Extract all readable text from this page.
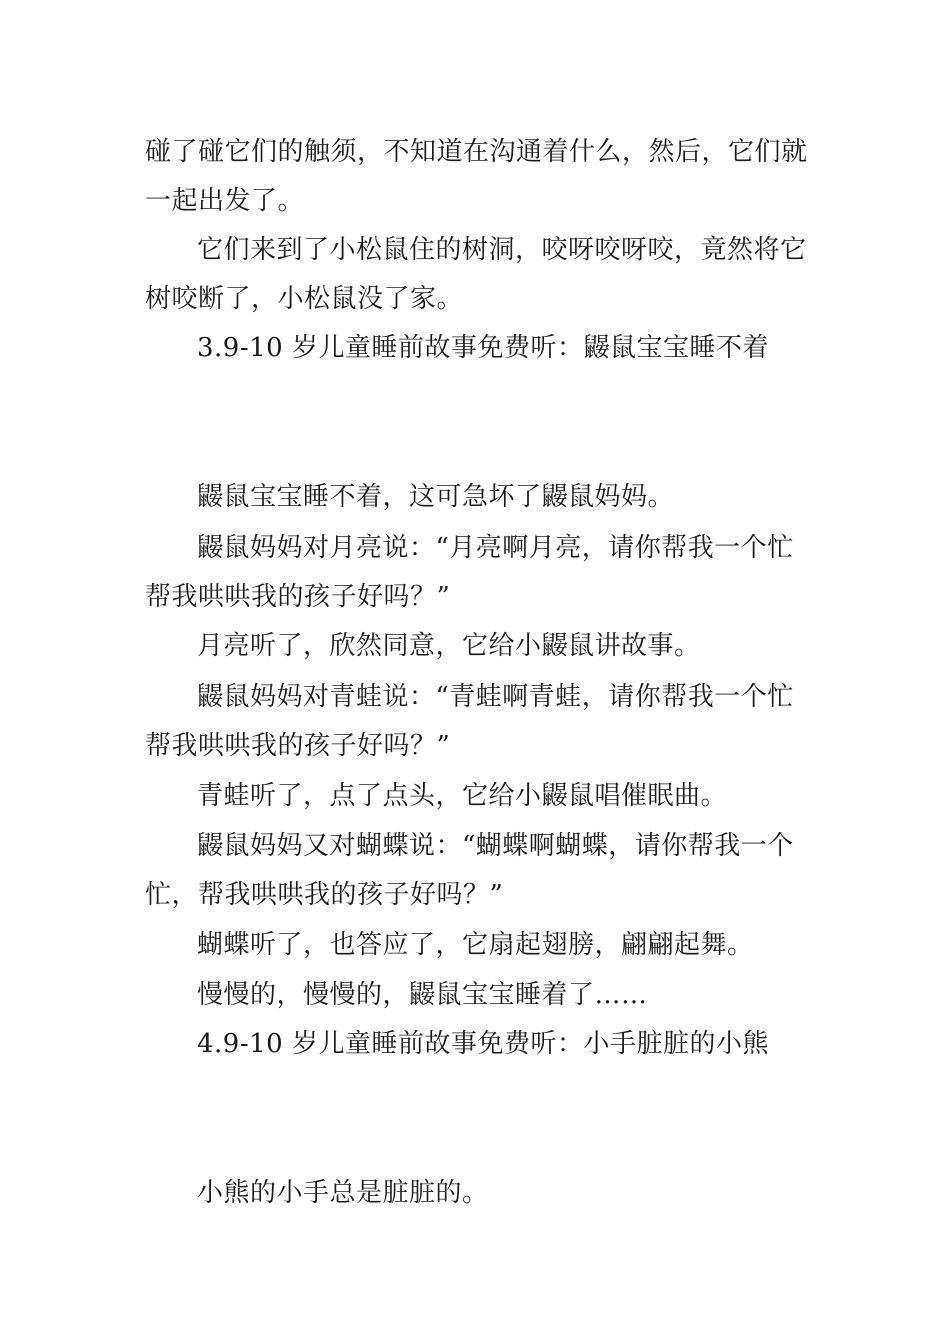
碰了碰它们的触须，不知道在沟通着什么，然后，它们就
一起出发了。
它们来到了小松鼠住的树洞，咬呀咬呀咬，竟然将它
树咬断了，小松鼠没了家。
3.9-10 岁儿童睡前故事免费听：鼹鼠宝宝睡不着
鼹鼠宝宝睡不着，这可急坏了鼹鼠妈妈。
鼹鼠妈妈对月亮说：“月亮啊月亮，请你帮我一个忙
帮我哄哄我的孩子好吗？”
月亮听了，欣然同意，它给小鼹鼠讲故事。
鼹鼠妈妈对青蛙说：“青蛙啊青蛙，请你帮我一个忙
帮我哄哄我的孩子好吗？”
青蛙听了，点了点头，它给小鼹鼠唱催眠曲。
鼹鼠妈妈又对蝴蝶说：“蝴蝶啊蝴蝶，请你帮我一个
忙，帮我哄哄我的孩子好吗？”
蝴蝶听了，也答应了，它扇起翅膀，翩翩起舞。
慢慢的，慢慢的，鼹鼠宝宝睡着了……
4.9-10 岁儿童睡前故事免费听：小手脏脏的小熊
小熊的小手总是脏脏的。
